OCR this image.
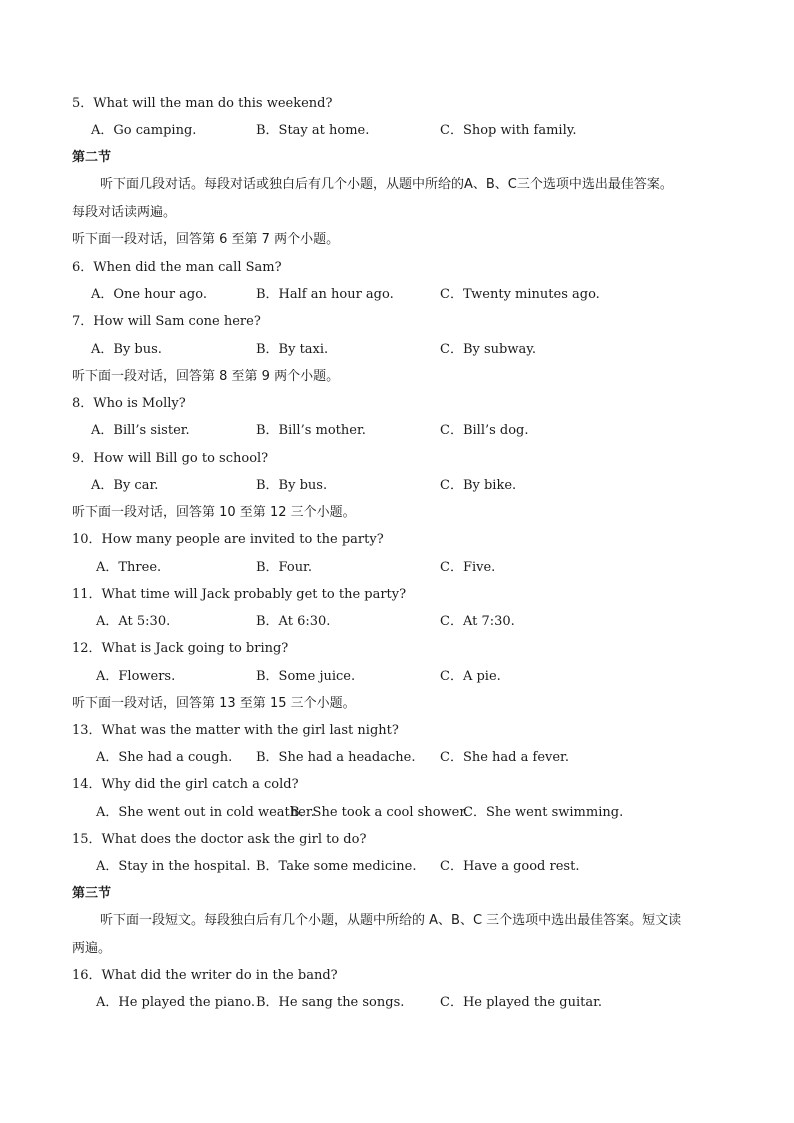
5．What will the man do this weekend?
A．Go camping.	B．Stay at home.	C．Shop with family.
第二节
听下面几段对话。每段对话或独白后有几个小题，从题中所给的A、B、C三个选项中选出最佳答案。
每段对话读两遍。
听下面一段对话，回答第 6 至第 7 两个小题。
6．When did the man call Sam?
A．One hour ago.	B．Half an hour ago.	C．Twenty minutes ago.
7．How will Sam cone here?
A．By bus.	B．By taxi.	C．By subway.
听下面一段对话，回答第 8 至第 9 两个小题。
8．Who is Molly?
A．Bill’s sister.	B．Bill’s mother.	C．Bill’s dog.
9．How will Bill go to school?
A．By car.	B．By bus.	C．By bike.
听下面一段对话，回答第 10 至第 12 三个小题。
10．How many people are invited to the party?
A．Three.	B．Four.	C．Five.
11．What time will Jack probably get to the party?
A．At 5:30.	B．At 6:30.	C．At 7:30.
12．What is Jack going to bring?
A．Flowers.	B．Some juice.	C．A pie.
听下面一段对话，回答第 13 至第 15 三个小题。
13．What was the matter with the girl last night?
A．She had a cough. B．She had a headache. C．She had a fever.
14．Why did the girl catch a cold?
A．She went out in cold weather.
B．She took a cool shower.
C．She went swimming.
15．What does the doctor ask the girl to do?
A．Stay in the hospital. B．Take some medicine. C．Have a good rest.
第三节
听下面一段短文。每段独白后有几个小题，从题中所给的 A、B、C 三个选项中选出最佳答案。短文读
两遍。
16．What did the writer do in the band?
A．He played the piano. B．He sang the songs.	C．He played the guitar.
